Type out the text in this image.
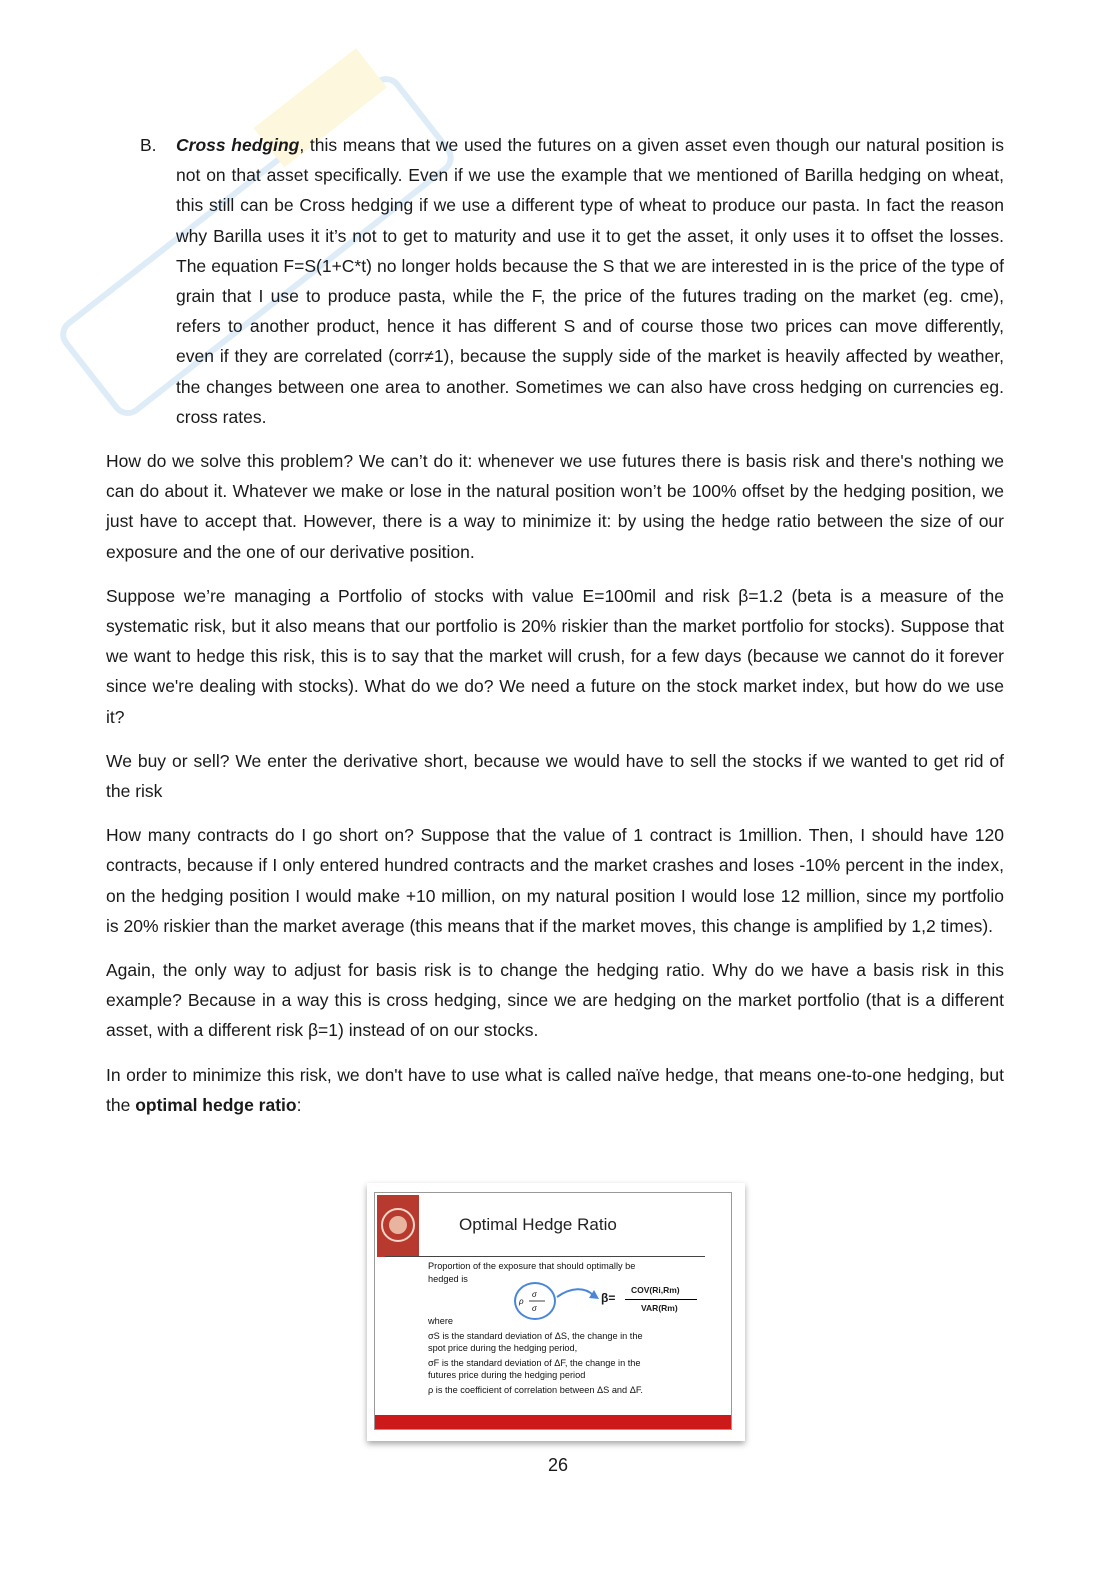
B. Cross hedging, this means that we used the futures on a given asset even though our natural position is not on that asset specifically. Even if we use the example that we mentioned of Barilla hedging on wheat, this still can be Cross hedging if we use a different type of wheat to produce our pasta. In fact the reason why Barilla uses it it’s not to get to maturity and use it to get the asset, it only uses it to offset the losses. The equation F=S(1+C*t) no longer holds because the S that we are interested in is the price of the type of grain that I use to produce pasta, while the F, the price of the futures trading on the market (eg. cme), refers to another product, hence it has different S and of course those two prices can move differently, even if they are correlated (corr≠1), because the supply side of the market is heavily affected by weather, the changes between one area to another. Sometimes we can also have cross hedging on currencies eg. cross rates.

How do we solve this problem? We can’t do it: whenever we use futures there is basis risk and there's nothing we can do about it. Whatever we make or lose in the natural position won’t be 100% offset by the hedging position, we just have to accept that. However, there is a way to minimize it: by using the hedge ratio between the size of our exposure and the one of our derivative position.

Suppose we’re managing a Portfolio of stocks with value E=100mil and risk β=1.2 (beta is a measure of the systematic risk, but it also means that our portfolio is 20% riskier than the market portfolio for stocks). Suppose that we want to hedge this risk, this is to say that the market will crush, for a few days (because we cannot do it forever since we're dealing with stocks). What do we do? We need a future on the stock market index, but how do we use it?

We buy or sell? We enter the derivative short, because we would have to sell the stocks if we wanted to get rid of the risk

How many contracts do I go short on? Suppose that the value of 1 contract is 1million. Then, I should have 120 contracts, because if I only entered hundred contracts and the market crashes and loses -10% percent in the index, on the hedging position I would make +10 million, on my natural position I would lose 12 million, since my portfolio is 20% riskier than the market average (this means that if the market moves, this change is amplified by 1,2 times).

Again, the only way to adjust for basis risk is to change the hedging ratio. Why do we have a basis risk in this example? Because in a way this is cross hedging, since we are hedging on the market portfolio (that is a different asset, with a different risk β=1) instead of on our stocks.

In order to minimize this risk, we don't have to use what is called naïve hedge, that means one-to-one hedging, but the optimal hedge ratio:

Optimal Hedge Ratio
Proportion of the exposure that should optimally be
hedged is
ρ
σ
σ
β=
COV(Ri,Rm)
VAR(Rm)
where
σS is the standard deviation of ΔS, the change in the
spot price during the hedging period,
σF is the standard deviation of ΔF, the change in the
futures price during the hedging period
ρ is the coefficient of correlation between ΔS and ΔF.
26
